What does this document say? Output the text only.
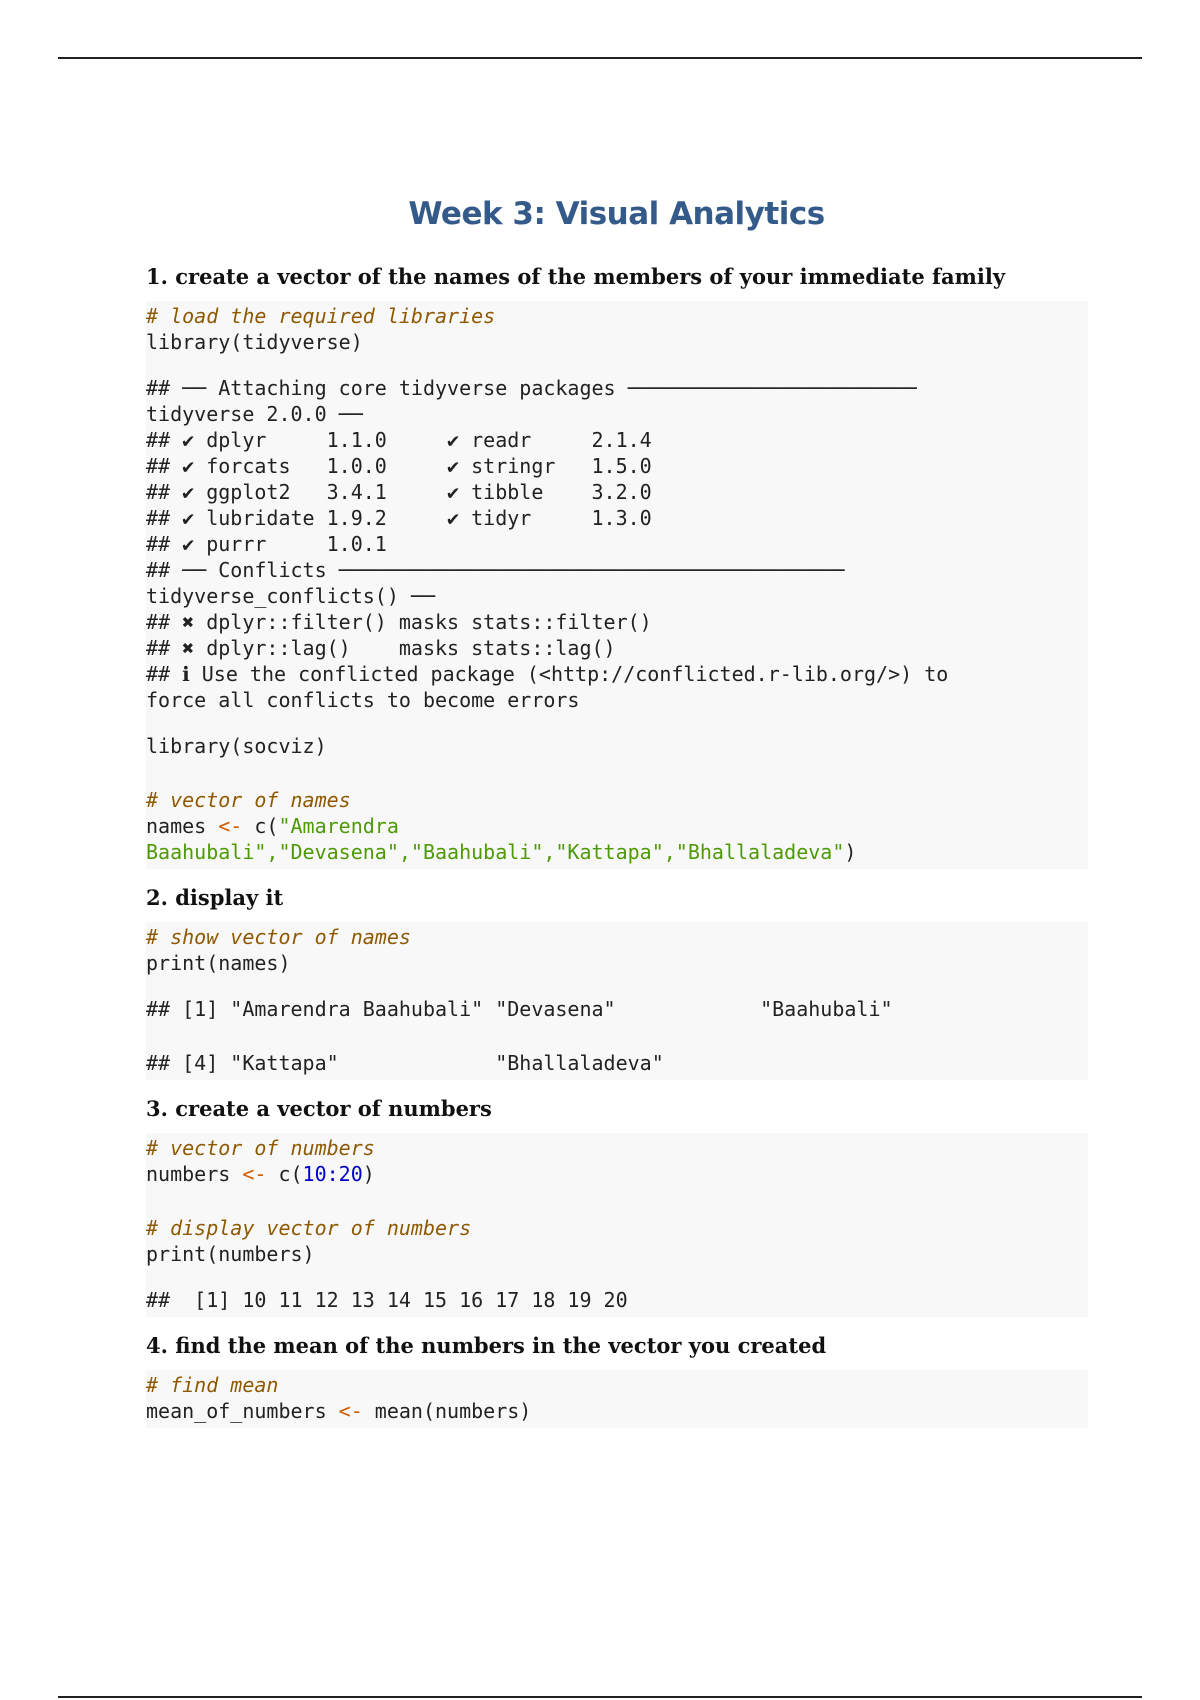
Week 3: Visual Analytics

1. create a vector of the names of the members of your immediate family

# load the required libraries
library(tidyverse)
## ── Attaching core tidyverse packages ────────────────────────
tidyverse 2.0.0 ──
## ✔ dplyr     1.1.0     ✔ readr     2.1.4
## ✔ forcats   1.0.0     ✔ stringr   1.5.0
## ✔ ggplot2   3.4.1     ✔ tibble    3.2.0
## ✔ lubridate 1.9.2     ✔ tidyr     1.3.0
## ✔ purrr     1.0.1
## ── Conflicts ──────────────────────────────────────────
tidyverse_conflicts() ──
## ✖ dplyr::filter() masks stats::filter()
## ✖ dplyr::lag()    masks stats::lag()
## ℹ Use the conflicted package (<http://conflicted.r-lib.org/>) to
force all conflicts to become errors
library(socviz)
# vector of names
names <- c("Amarendra
Baahubali","Devasena","Baahubali","Kattapa","Bhallaladeva")

2. display it

# show vector of names
print(names)
## [1] "Amarendra Baahubali" "Devasena"            "Baahubali"
## [4] "Kattapa"             "Bhallaladeva"

3. create a vector of numbers

# vector of numbers
numbers <- c(10:20)
# display vector of numbers
print(numbers)
##  [1] 10 11 12 13 14 15 16 17 18 19 20

4. find the mean of the numbers in the vector you created

# find mean
mean_of_numbers <- mean(numbers)
